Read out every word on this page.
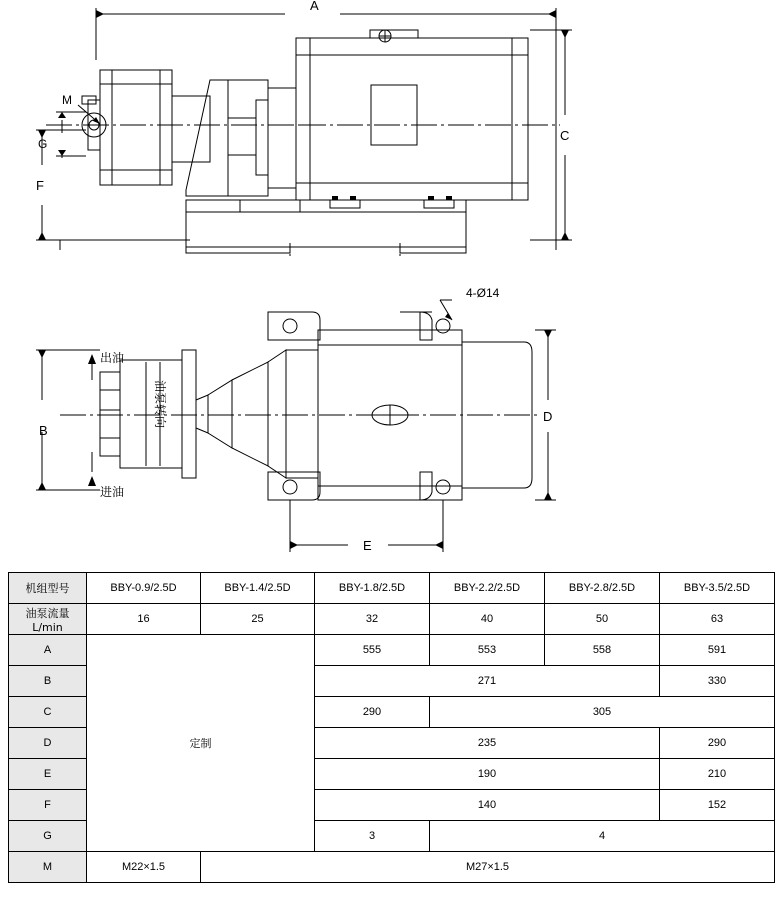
A
B
C
D
E
F
G
M
4-Ø14
出油
进油
油泵转向
机组型号	BBY-0.9/2.5D	BBY-1.4/2.5D	BBY-1.8/2.5D	BBY-2.2/2.5D	BBY-2.8/2.5D	BBY-3.5/2.5D

油泵流量
L/min	16	25	32	40	50	63
A	定制		555	553	558	591
B			271			330
C			290	305		
D			235			290
E			190			210
F			140			152
G			3	4		
M	M22×1.5	M27×1.5				
